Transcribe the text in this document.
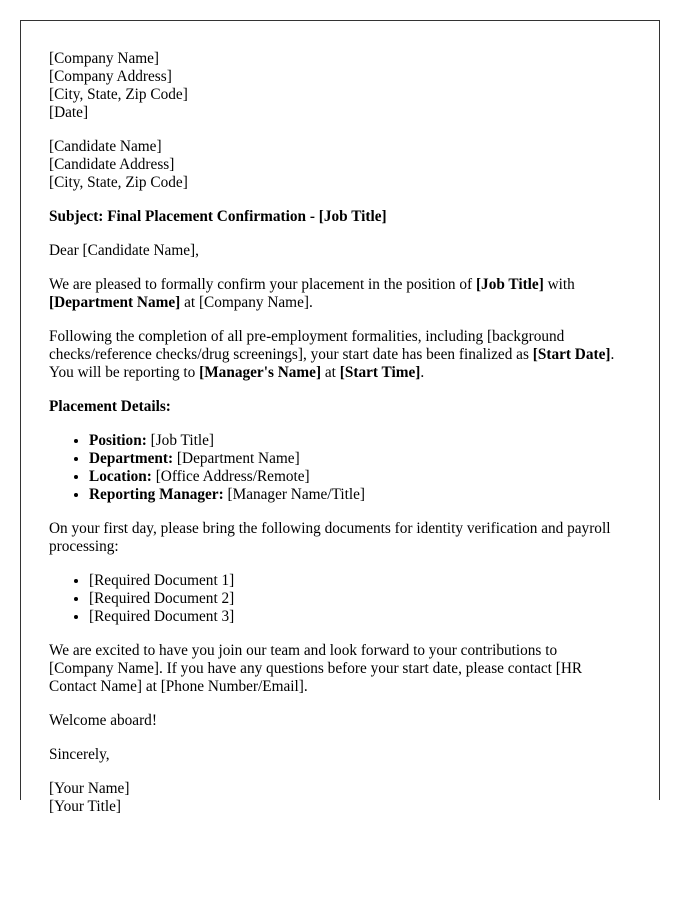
[Company Name]
[Company Address]
[City, State, Zip Code]
[Date]
[Candidate Name]
[Candidate Address]
[City, State, Zip Code]

Subject: Final Placement Confirmation - [Job Title]

Dear [Candidate Name],

We are pleased to formally confirm your placement in the position of [Job Title] with [Department Name] at [Company Name].

Following the completion of all pre-employment formalities, including [background checks/reference checks/drug screenings], your start date has been finalized as [Start Date]. You will be reporting to [Manager's Name] at [Start Time].

Placement Details:

• Position: [Job Title]
• Department: [Department Name]
• Location: [Office Address/Remote]
• Reporting Manager: [Manager Name/Title]

On your first day, please bring the following documents for identity verification and payroll processing:

• [Required Document 1]
• [Required Document 2]
• [Required Document 3]

We are excited to have you join our team and look forward to your contributions to [Company Name]. If you have any questions before your start date, please contact [HR Contact Name] at [Phone Number/Email].

Welcome aboard!

Sincerely,

[Your Name]
[Your Title]
